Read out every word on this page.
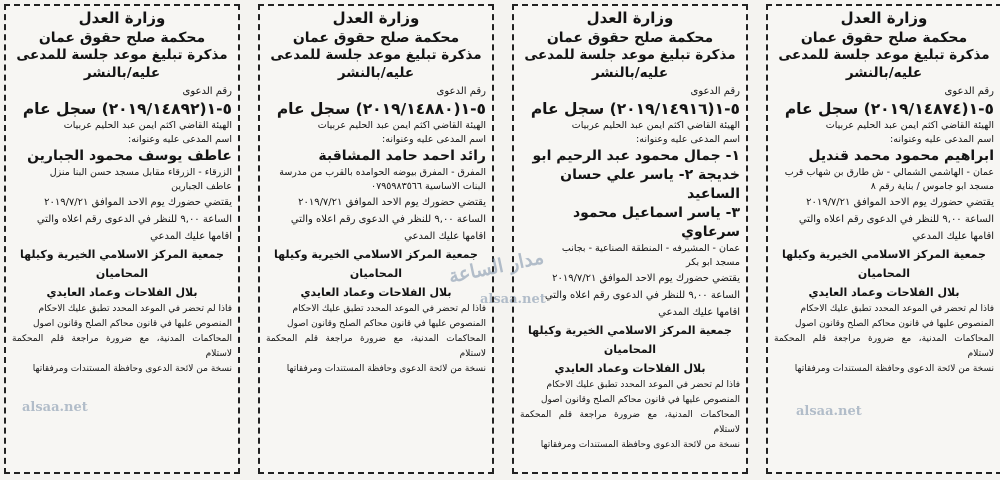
وزارة العدل
محكمة صلح حقوق عمان
مذكرة تبليغ موعد جلسة للمدعى
عليه/بالنشر
رقم الدعوى
٥-١(٢٠١٩/١٤٨٧٤) سجل عام
الهيئة القاضي اكثم ايمن عبد الحليم عربيات
اسم المدعى عليه وعنوانه:
ابراهيم محمود محمد قنديل
عمان - الهاشمي الشمالي - ش طارق بن شهاب قرب
مسجد ابو جاموس / بناية رقم ٨
يقتضي حضورك يوم الاحد الموافق ٢٠١٩/٧/٢١
الساعة ٩,٠٠ للنظر في الدعوى رقم اعلاه والتي
اقامها عليك المدعي
جمعية المركز الاسلامي الخيرية وكيلها المحاميان
بلال الفلاحات وعماد العايدي
فاذا لم تحضر في الموعد المحدد تطبق عليك الاحكام
المنصوص عليها في قانون محاكم الصلح وقانون اصول
المحاكمات المدنية، مع ضرورة مراجعة قلم المحكمة لاستلام
نسخة من لائحة الدعوى وحافظة المستندات ومرفقاتها
وزارة العدل
محكمة صلح حقوق عمان
مذكرة تبليغ موعد جلسة للمدعى
عليه/بالنشر
رقم الدعوى
٥-١(٢٠١٩/١٤٩١٦) سجل عام
الهيئة القاضي اكثم ايمن عبد الحليم عربيات
اسم المدعى عليه وعنوانه:
١- جمال محمود عبد الرحيم ابو
خديجة ٢- ياسر علي حسان الساعيد
٣- ياسر اسماعيل محمود سرعاوي
عمان - المشيرفه - المنطقة الصناعية - بجانب
مسجد ابو بكر
يقتضي حضورك يوم الاحد الموافق ٢٠١٩/٧/٢١
الساعة ٩,٠٠ للنظر في الدعوى رقم اعلاه والتي
اقامها عليك المدعي
جمعية المركز الاسلامي الخيرية وكيلها المحاميان
بلال الفلاحات وعماد العايدي
فاذا لم تحضر في الموعد المحدد تطبق عليك الاحكام
المنصوص عليها في قانون محاكم الصلح وقانون اصول
المحاكمات المدنية، مع ضرورة مراجعة قلم المحكمة لاستلام
نسخة من لائحة الدعوى وحافظة المستندات ومرفقاتها
وزارة العدل
محكمة صلح حقوق عمان
مذكرة تبليغ موعد جلسة للمدعى
عليه/بالنشر
رقم الدعوى
٥-١(٢٠١٩/١٤٨٨٠) سجل عام
الهيئة القاضي اكثم ايمن عبد الحليم عربيات
اسم المدعى عليه وعنوانه:
رائد احمد حامد المشاقبة
المفرق - المفرق بيوضه الحوامده بالقرب من مدرسة
البنات الاساسية ٠٧٩٥٩٨٣٥٦٦
يقتضي حضورك يوم الاحد الموافق ٢٠١٩/٧/٢١
الساعة ٩,٠٠ للنظر في الدعوى رقم اعلاه والتي
اقامها عليك المدعي
جمعية المركز الاسلامي الخيرية وكيلها المحاميان
بلال الفلاحات وعماد العايدي
فاذا لم تحضر في الموعد المحدد تطبق عليك الاحكام
المنصوص عليها في قانون محاكم الصلح وقانون اصول
المحاكمات المدنية، مع ضرورة مراجعة قلم المحكمة لاستلام
نسخة من لائحة الدعوى وحافظة المستندات ومرفقاتها
وزارة العدل
محكمة صلح حقوق عمان
مذكرة تبليغ موعد جلسة للمدعى
عليه/بالنشر
رقم الدعوى
٥-١(٢٠١٩/١٤٨٩٢) سجل عام
الهيئة القاضي اكثم ايمن عبد الحليم عربيات
اسم المدعى عليه وعنوانه:
عاطف يوسف محمود الجبارين
الزرقاء - الزرقاء مقابل مسجد حسن البنا منزل
عاطف الجبارين
يقتضي حضورك يوم الاحد الموافق ٢٠١٩/٧/٢١
الساعة ٩,٠٠ للنظر في الدعوى رقم اعلاه والتي
اقامها عليك المدعي
جمعية المركز الاسلامي الخيرية وكيلها المحاميان
بلال الفلاحات وعماد العايدي
فاذا لم تحضر في الموعد المحدد تطبق عليك الاحكام
المنصوص عليها في قانون محاكم الصلح وقانون اصول
المحاكمات المدنية، مع ضرورة مراجعة قلم المحكمة لاستلام
نسخة من لائحة الدعوى وحافظة المستندات ومرفقاتها
مدار الساعة
alsaa.net
alsaa.net	alsaa.net
